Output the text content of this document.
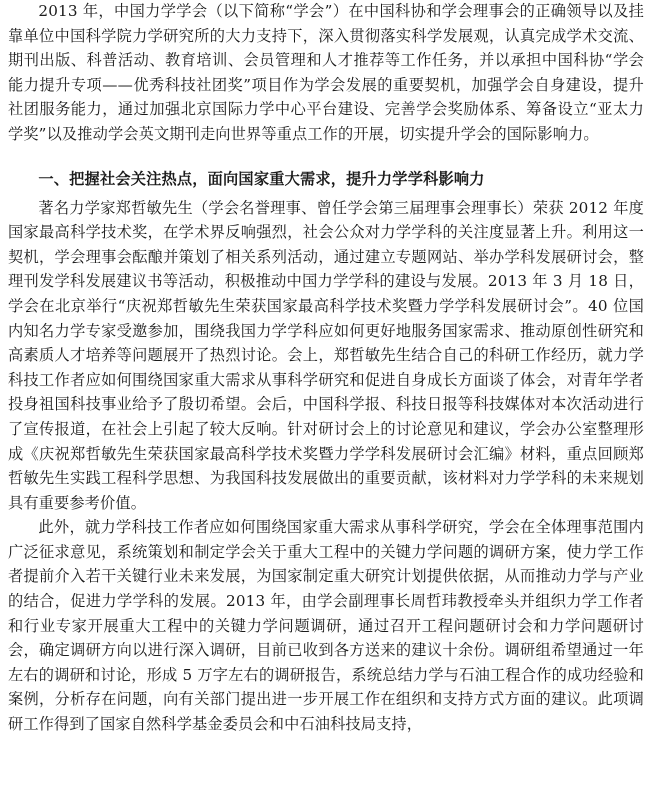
2013 年，中国力学学会（以下简称“学会”）在中国科协和学会理事会的正确领导以及挂靠单位中国科学院力学研究所的大力支持下，深入贯彻落实科学发展观，认真完成学术交流、期刊出版、科普活动、教育培训、会员管理和人才推荐等工作任务，并以承担中国科协“学会能力提升专项——优秀科技社团奖”项目作为学会发展的重要契机，加强学会自身建设，提升社团服务能力，通过加强北京国际力学中心平台建设、完善学会奖励体系、筹备设立“亚太力学奖”以及推动学会英文期刊走向世界等重点工作的开展，切实提升学会的国际影响力。

一、把握社会关注热点，面向国家重大需求，提升力学学科影响力

著名力学家郑哲敏先生（学会名誉理事、曾任学会第三届理事会理事长）荣获 2012 年度国家最高科学技术奖，在学术界反响强烈，社会公众对力学学科的关注度显著上升。利用这一契机，学会理事会酝酿并策划了相关系列活动，通过建立专题网站、举办学科发展研讨会，整理刊发学科发展建议书等活动，积极推动中国力学学科的建设与发展。2013 年 3 月 18 日，学会在北京举行“庆祝郑哲敏先生荣获国家最高科学技术奖暨力学学科发展研讨会”。40 位国内知名力学专家受邀参加，围绕我国力学学科应如何更好地服务国家需求、推动原创性研究和高素质人才培养等问题展开了热烈讨论。会上，郑哲敏先生结合自己的科研工作经历，就力学科技工作者应如何围绕国家重大需求从事科学研究和促进自身成长方面谈了体会，对青年学者投身祖国科技事业给予了殷切希望。会后，中国科学报、科技日报等科技媒体对本次活动进行了宣传报道，在社会上引起了较大反响。针对研讨会上的讨论意见和建议，学会办公室整理形成《庆祝郑哲敏先生荣获国家最高科学技术奖暨力学学科发展研讨会汇编》材料，重点回顾郑哲敏先生实践工程科学思想、为我国科技发展做出的重要贡献，该材料对力学学科的未来规划具有重要参考价值。

此外，就力学科技工作者应如何围绕国家重大需求从事科学研究，学会在全体理事范围内广泛征求意见，系统策划和制定学会关于重大工程中的关键力学问题的调研方案，使力学工作者提前介入若干关键行业未来发展，为国家制定重大研究计划提供依据，从而推动力学与产业的结合，促进力学学科的发展。2013 年，由学会副理事长周哲玮教授牵头并组织力学工作者和行业专家开展重大工程中的关键力学问题调研，通过召开工程问题研讨会和力学问题研讨会，确定调研方向以进行深入调研，目前已收到各方送来的建议十余份。调研组希望通过一年左右的调研和讨论，形成 5 万字左右的调研报告，系统总结力学与石油工程合作的成功经验和案例，分析存在问题，向有关部门提出进一步开展工作在组织和支持方式方面的建议。此项调研工作得到了国家自然科学基金委员会和中石油科技局支持，
